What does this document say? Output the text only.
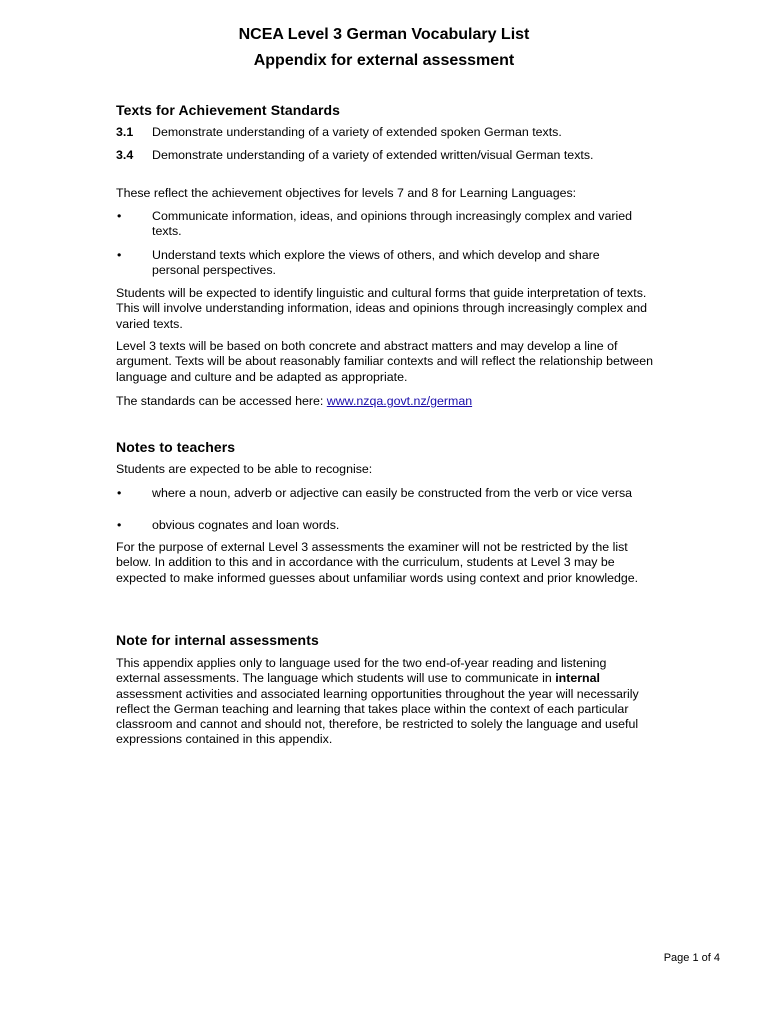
NCEA Level 3 German Vocabulary List
Appendix for external assessment
Texts for Achievement Standards
3.1 Demonstrate understanding of a variety of extended spoken German texts.
3.4 Demonstrate understanding of a variety of extended written/visual German texts.
These reflect the achievement objectives for levels 7 and 8 for Learning Languages:
• Communicate information, ideas, and opinions through increasingly complex and varied texts.
• Understand texts which explore the views of others, and which develop and share personal perspectives.
Students will be expected to identify linguistic and cultural forms that guide interpretation of texts. This will involve understanding information, ideas and opinions through increasingly complex and varied texts.
Level 3 texts will be based on both concrete and abstract matters and may develop a line of argument. Texts will be about reasonably familiar contexts and will reflect the relationship between language and culture and be adapted as appropriate.
The standards can be accessed here: www.nzqa.govt.nz/german
Notes to teachers
Students are expected to be able to recognise:
• where a noun, adverb or adjective can easily be constructed from the verb or vice versa
• obvious cognates and loan words.
For the purpose of external Level 3 assessments the examiner will not be restricted by the list below. In addition to this and in accordance with the curriculum, students at Level 3 may be expected to make informed guesses about unfamiliar words using context and prior knowledge.
Note for internal assessments
This appendix applies only to language used for the two end-of-year reading and listening external assessments. The language which students will use to communicate in internal assessment activities and associated learning opportunities throughout the year will necessarily reflect the German teaching and learning that takes place within the context of each particular classroom and cannot and should not, therefore, be restricted to solely the language and useful expressions contained in this appendix.
Page 1 of 4
